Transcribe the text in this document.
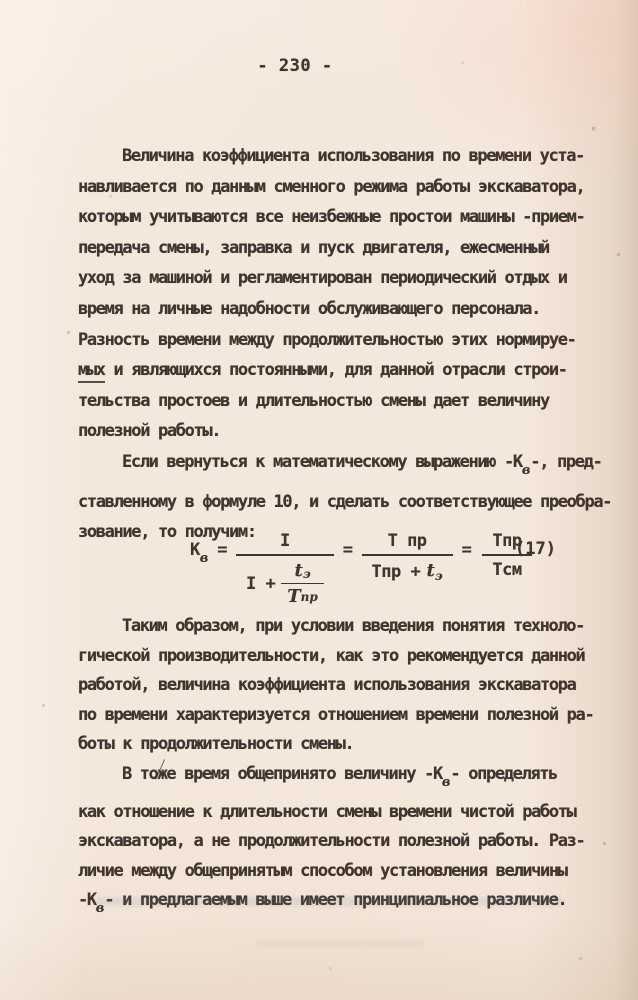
- 230 -
Величина коэффициента использования по времени уста-
навливается по данным сменного режима работы экскаватора,
которым учитываются все неизбежные простои машины -прием-
передача смены, заправка и пуск двигателя, ежесменный
уход за машиной и регламентирован периодический отдых и
время на личные надобности обслуживающего персонала.
Разность времени между продолжительностью этих нормируе-
мых и являющихся постоянными, для данной отрасли строи-
тельства простоев и длительностью смены дает величину
полезной работы.
Если вернуться к математическому выражению $-К_в-$, пред-
ставленному в формуле 10, и сделать соответствующее преобра-
зование, то получим:
$К_в = \frac{I}{I + \frac{\text{t э}}{\text{Т пр}}} = \frac{\text{Т пр}}{Тпр + t_э} = \frac{\text{Тпр}}{\text{Тсм}}$
(17)
Таким образом, при условии введения понятия техноло-
гической производительности, как это рекомендуется данной
работой, величина коэффициента использования экскаватора
по времени характеризуется отношением времени полезной ра-
боты к продолжительности смены.
В тоже время общепринято величину $-К_в-$ определять
как отношение к длительности смены времени чистой работы
экскаватора, а не продолжительности полезной работы. Раз-
личие между общепринятым способом установления величины
$-К_в-$ и предлагаемым выше имеет принципиальное различие.
